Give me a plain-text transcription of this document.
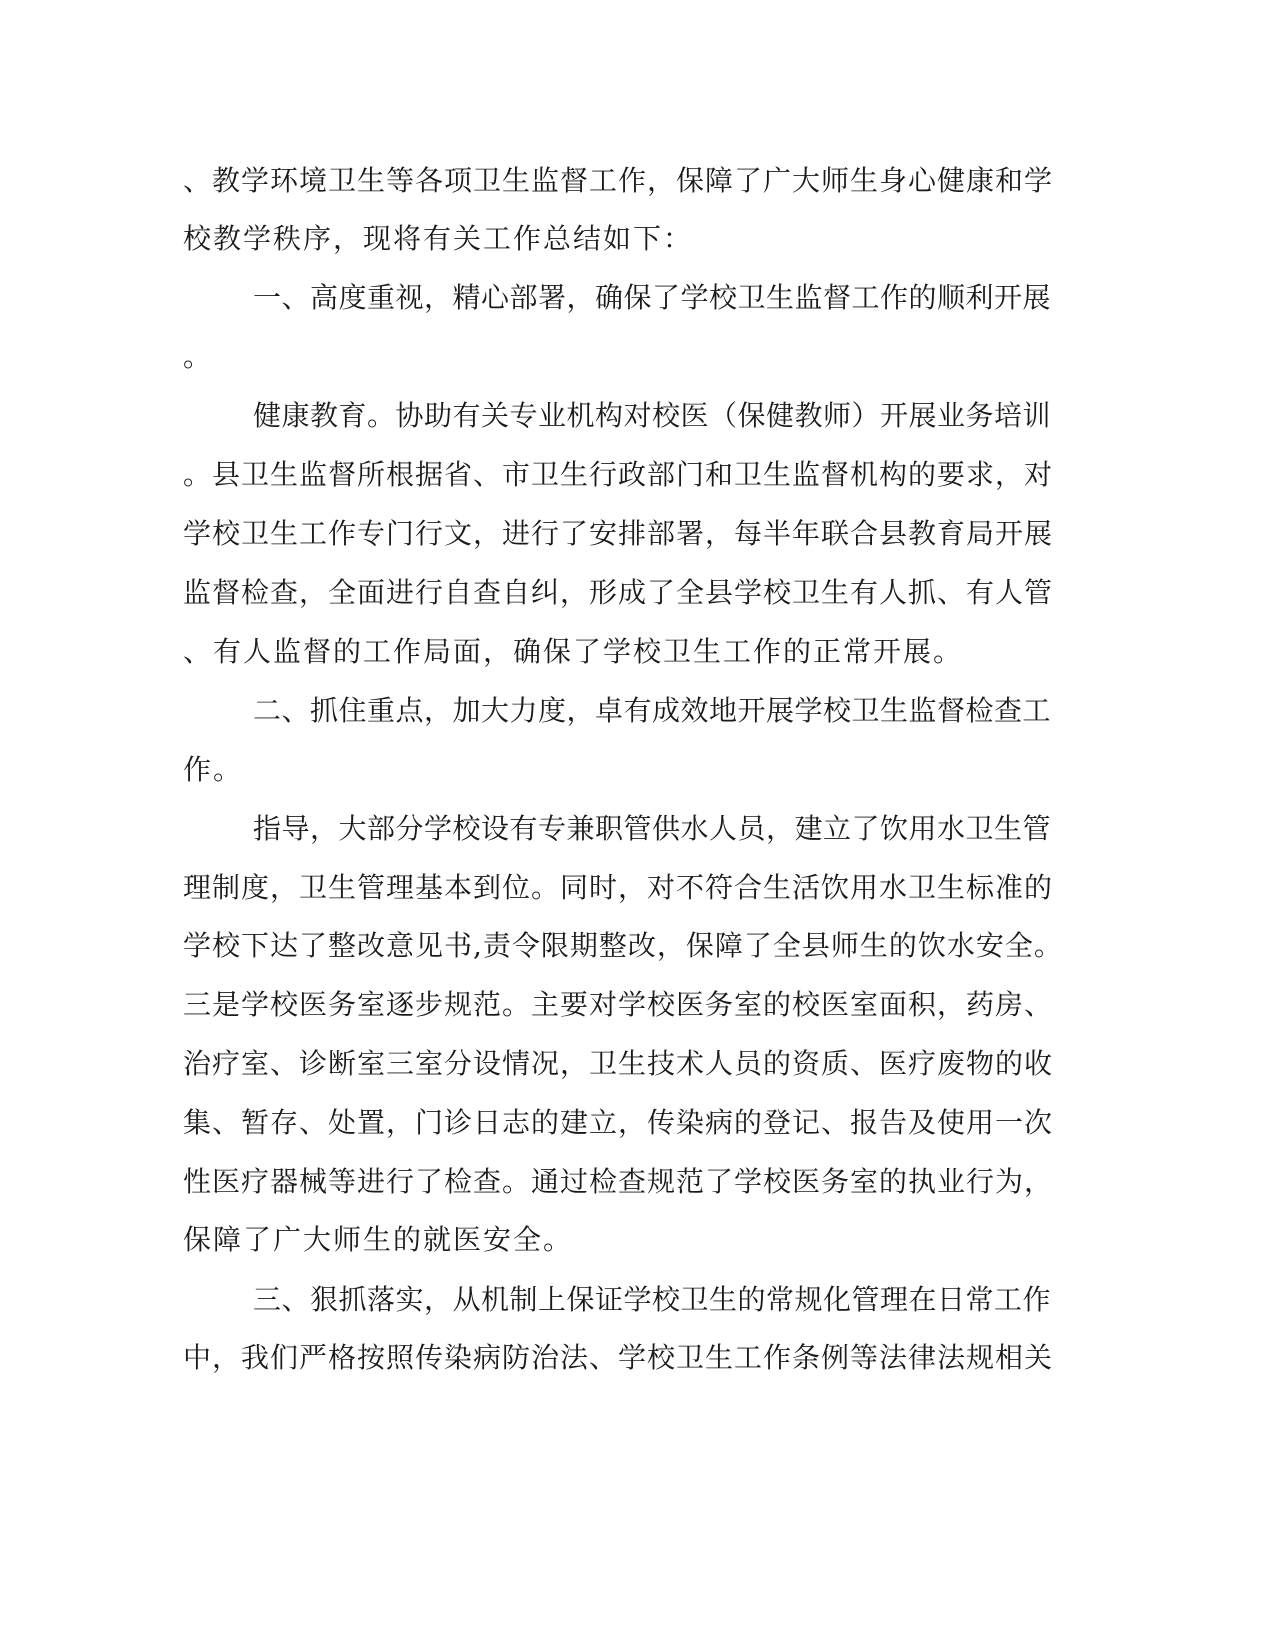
、教学环境卫生等各项卫生监督工作，保障了广大师生身心健康和学
校教学秩序，现将有关工作总结如下：
一、高度重视，精心部署，确保了学校卫生监督工作的顺利开展
。
健康教育。协助有关专业机构对校医（保健教师）开展业务培训
。县卫生监督所根据省、市卫生行政部门和卫生监督机构的要求，对
学校卫生工作专门行文，进行了安排部署，每半年联合县教育局开展
监督检查，全面进行自查自纠，形成了全县学校卫生有人抓、有人管
、有人监督的工作局面，确保了学校卫生工作的正常开展。
二、抓住重点，加大力度，卓有成效地开展学校卫生监督检查工
作。
指导，大部分学校设有专兼职管供水人员，建立了饮用水卫生管
理制度，卫生管理基本到位。同时，对不符合生活饮用水卫生标准的
学校下达了整改意见书,责令限期整改，保障了全县师生的饮水安全。
三是学校医务室逐步规范。主要对学校医务室的校医室面积，药房、
治疗室、诊断室三室分设情况，卫生技术人员的资质、医疗废物的收
集、暂存、处置，门诊日志的建立，传染病的登记、报告及使用一次
性医疗器械等进行了检查。通过检查规范了学校医务室的执业行为，
保障了广大师生的就医安全。
三、狠抓落实，从机制上保证学校卫生的常规化管理在日常工作
中，我们严格按照传染病防治法、学校卫生工作条例等法律法规相关
